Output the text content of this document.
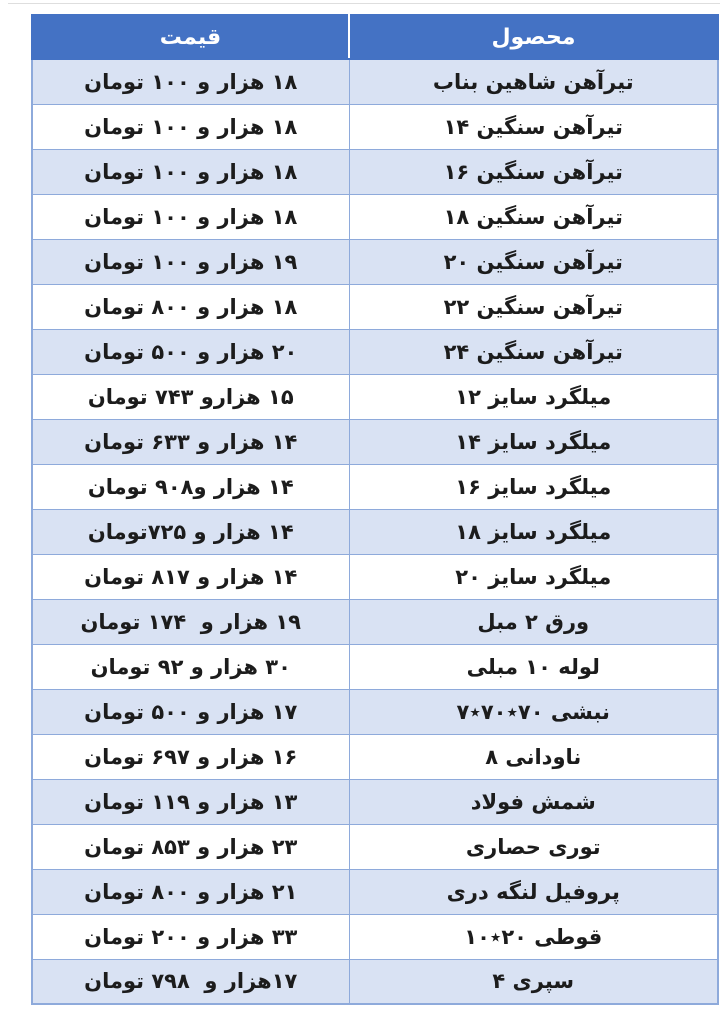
محصول	قیمت
تیرآهن شاهین بناب	۱۸ هزار و ۱۰۰ تومان
تیرآهن سنگین ۱۴	۱۸ هزار و ۱۰۰ تومان
تیرآهن سنگین ۱۶	۱۸ هزار و ۱۰۰ تومان
تیرآهن سنگین ۱۸	۱۸ هزار و ۱۰۰ تومان
تیرآهن سنگین ۲۰	۱۹ هزار و ۱۰۰ تومان
تیرآهن سنگین ۲۲	۱۸ هزار و ۸۰۰ تومان
تیرآهن سنگین ۲۴	۲۰ هزار و ۵۰۰ تومان
میلگرد سایز ۱۲	۱۵ هزارو ۷۴۳ تومان
میلگرد سایز ۱۴	۱۴ هزار و ۶۳۳ تومان
میلگرد سایز ۱۶	۱۴ هزار و۹۰۸ تومان
میلگرد سایز ۱۸	۱۴ هزار و ۷۲۵تومان
میلگرد سایز ۲۰	۱۴ هزار و ۸۱۷ تومان
ورق ۲ مبل	۱۹ هزار و  ۱۷۴ تومان
لوله ۱۰ مبلی	۳۰ هزار و ۹۲ تومان
نبشی ۷۰٭۷۰٭۷	۱۷ هزار و ۵۰۰ تومان
ناودانی ۸	۱۶ هزار و ۶۹۷ تومان
شمش فولاد	۱۳ هزار و ۱۱۹ تومان
توری حصاری	۲۳ هزار و ۸۵۳ تومان
پروفیل لنگه دری	۲۱ هزار و ۸۰۰ تومان
قوطی ۲۰٭۱۰	۳۳ هزار و ۲۰۰ تومان
سپری ۴	۱۷هزار و  ۷۹۸ تومان
